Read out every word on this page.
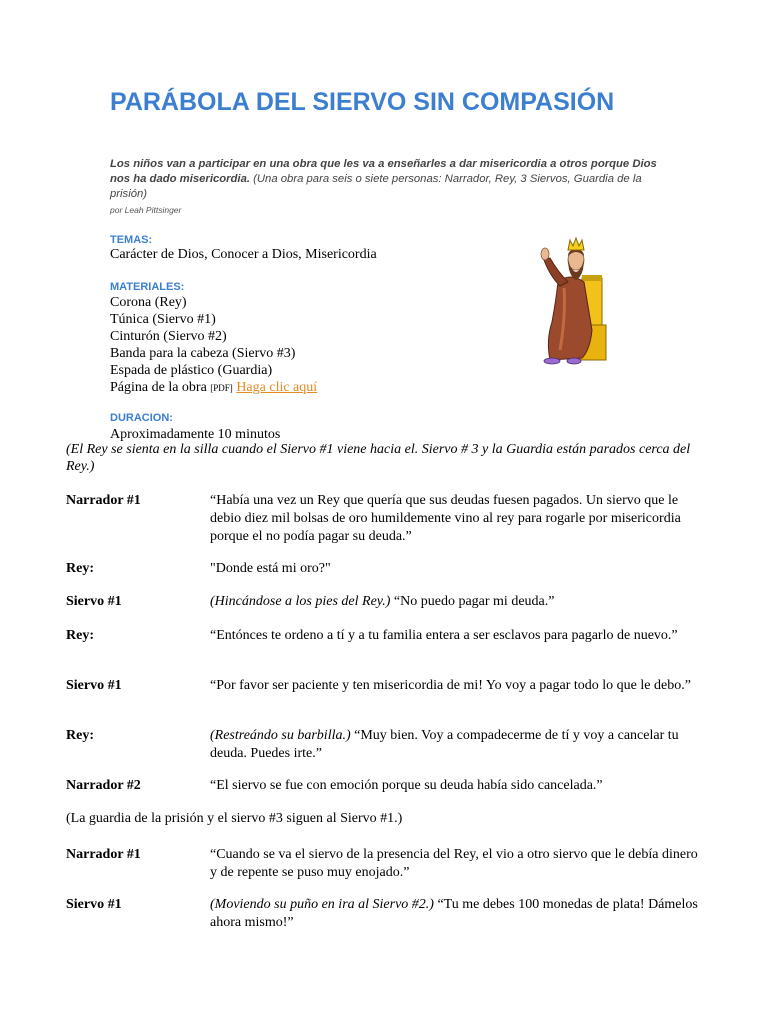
PARÁBOLA DEL SIERVO SIN COMPASIÓN
Los niños van a participar en una obra que les va a enseñarles a dar misericordia a otros porque Dios nos ha dado misericordia. (Una obra para seis o siete personas: Narrador, Rey, 3 Siervos, Guardia de la prisión)
por Leah Pittsinger
TEMAS:
Carácter de Dios, Conocer a Dios, Misericordia
MATERIALES:
Corona (Rey)
Túnica (Siervo #1)
Cinturón (Siervo #2)
Banda para la cabeza (Siervo #3)
Espada de plástico (Guardia)
Página de la obra [PDF] Haga clic aquí
DURACION:
Aproximadamente 10 minutos
(El Rey se sienta en la silla cuando el Siervo #1 viene hacia el. Siervo # 3 y la Guardia están parados cerca del Rey.)
Narrador #1	“Había una vez un Rey que quería que sus deudas fuesen pagados. Un siervo que le debio diez mil bolsas de oro humildemente vino al rey para rogarle por misericordia porque el no podía pagar su deuda.”
Rey:	"Donde está mi oro?"
Siervo #1	(Hincándose a los pies del Rey.) “No puedo pagar mi deuda.”
Rey:	“Entónces te ordeno a tí y a tu familia entera a ser esclavos para pagarlo de nuevo.”
Siervo #1	“Por favor ser paciente y ten misericordia de mi! Yo voy a pagar todo lo que le debo.”
Rey:	(Restreándo su barbilla.) “Muy bien. Voy a compadecerme de tí y voy a cancelar tu deuda. Puedes irte.”
Narrador #2	“El siervo se fue con emoción porque su deuda había sido cancelada.”
(La guardia de la prisión y el siervo #3 siguen al Siervo #1.)
Narrador #1	“Cuando se va el siervo de la presencia del Rey, el vio a otro siervo que le debía dinero y de repente se puso muy enojado.”
Siervo #1	(Moviendo su puño en ira al Siervo #2.) “Tu me debes 100 monedas de plata! Dámelos ahora mismo!”
